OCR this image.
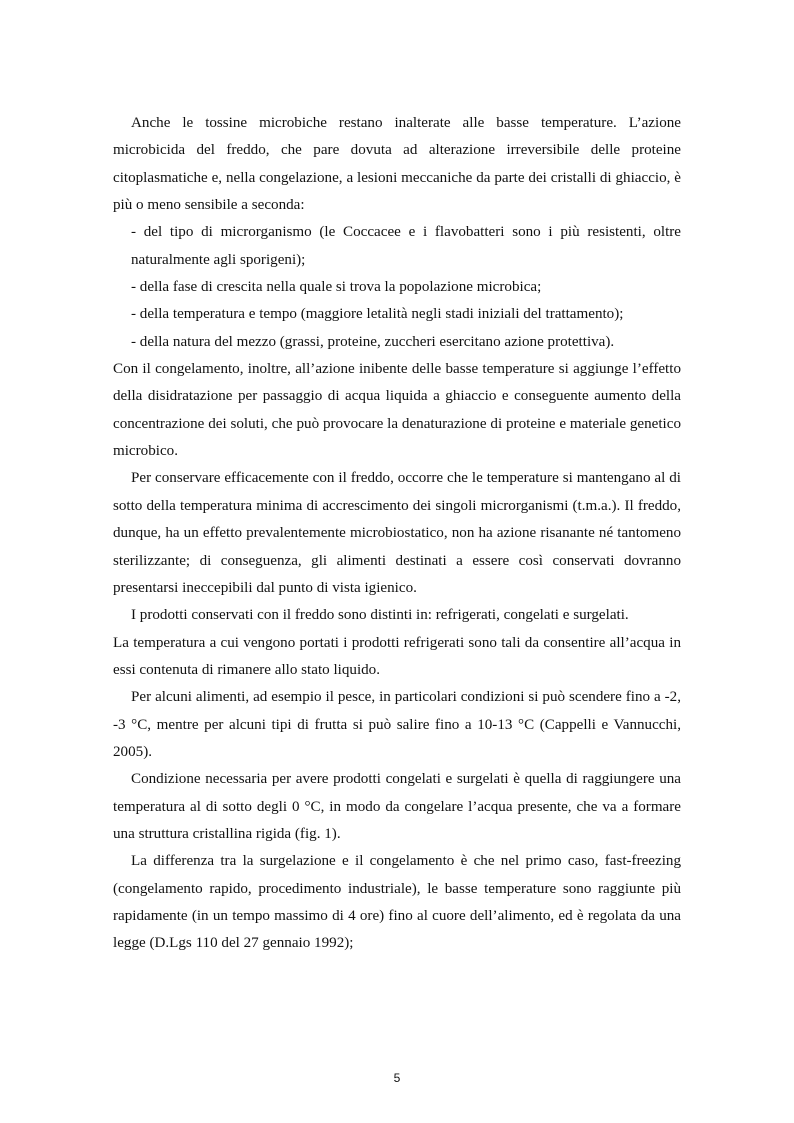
Anche le tossine microbiche restano inalterate alle basse temperature. L’azione microbicida del freddo, che pare dovuta ad alterazione irreversibile delle proteine citoplasmatiche e, nella congelazione, a lesioni meccaniche da parte dei cristalli di ghiaccio, è più o meno sensibile a seconda:

- del tipo di microrganismo (le Coccacee e i flavobatteri sono i più resistenti, oltre naturalmente agli sporigeni);

- della fase di crescita nella quale si trova la popolazione microbica;

- della temperatura e tempo (maggiore letalità negli stadi iniziali del trattamento);

- della natura del mezzo (grassi, proteine, zuccheri esercitano azione protettiva).

Con il congelamento, inoltre, all’azione inibente delle basse temperature si aggiunge l’effetto della disidratazione per passaggio di acqua liquida a ghiaccio e conseguente aumento della concentrazione dei soluti, che può provocare la denaturazione di proteine e materiale genetico microbico.

Per conservare efficacemente con il freddo, occorre che le temperature si mantengano al di sotto della temperatura minima di accrescimento dei singoli microrganismi (t.m.a.). Il freddo, dunque, ha un effetto prevalentemente microbiostatico, non ha azione risanante né tantomeno sterilizzante; di conseguenza, gli alimenti destinati a essere così conservati dovranno presentarsi ineccepibili dal punto di vista igienico.

I prodotti conservati con il freddo sono distinti in: refrigerati, congelati e surgelati.

La temperatura a cui vengono portati i prodotti refrigerati sono tali da consentire all’acqua in essi contenuta di rimanere allo stato liquido.

Per alcuni alimenti, ad esempio il pesce, in particolari condizioni si può scendere fino a -2, -3 °C, mentre per alcuni tipi di frutta si può salire fino a 10-13 °C (Cappelli e Vannucchi, 2005).

Condizione necessaria per avere prodotti congelati e surgelati è quella di raggiungere una temperatura al di sotto degli 0 °C, in modo da congelare l’acqua presente, che va a formare una struttura cristallina rigida (fig. 1).

La differenza tra la surgelazione e il congelamento è che nel primo caso, fast-freezing (congelamento rapido, procedimento industriale), le basse temperature sono raggiunte più rapidamente (in un tempo massimo di 4 ore) fino al cuore dell’alimento, ed è regolata da una legge (D.Lgs 110 del 27 gennaio 1992);

5
